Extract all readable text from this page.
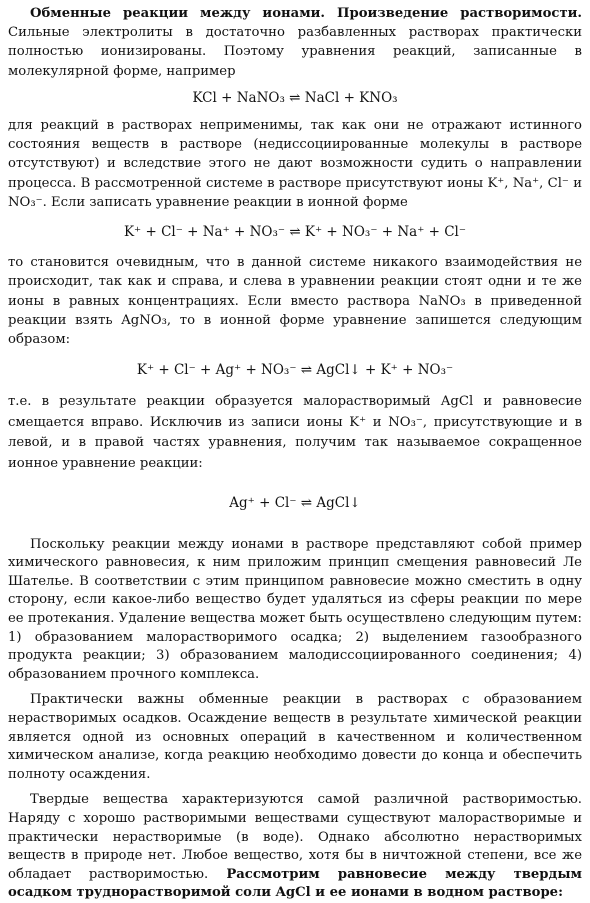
Обменные реакции между ионами. Произведение растворимости. Сильные электролиты в достаточно разбавленных растворах практически полностью ионизированы. Поэтому уравнения реакций, записанные в молекулярной форме, например

KCl + NaNO₃ ⇌ NaCl + KNO₃

для реакций в растворах неприменимы, так как они не отражают истинного состояния веществ в растворе (недиссоциированные молекулы в растворе отсутствуют) и вследствие этого не дают возможности судить о направлении процесса. В рассмотренной системе в растворе присутствуют ионы K⁺, Na⁺, Cl⁻ и NO₃⁻. Если записать уравнение реакции в ионной форме

K⁺ + Cl⁻ + Na⁺ + NO₃⁻ ⇌ K⁺ + NO₃⁻ + Na⁺ + Cl⁻

то становится очевидным, что в данной системе никакого взаимодействия не происходит, так как и справа, и слева в уравнении реакции стоят одни и те же ионы в равных концентрациях. Если вместо раствора NaNO₃ в приведенной реакции взять AgNO₃, то в ионной форме уравнение запишется следующим образом:

K⁺ + Cl⁻ + Ag⁺ + NO₃⁻ ⇌ AgCl↓ + K⁺ + NO₃⁻

т.е. в результате реакции образуется малорастворимый AgCl и равновесие смещается вправо. Исключив из записи ионы K⁺ и NO₃⁻, присутствующие и в левой, и в правой частях уравнения, получим так называемое сокращенное ионное уравнение реакции:

Ag⁺ + Cl⁻ ⇌ AgCl↓

Поскольку реакции между ионами в растворе представляют собой пример химического равновесия, к ним приложим принцип смещения равновесий Ле Шателье. В соответствии с этим принципом равновесие можно сместить в одну сторону, если какое-либо вещество будет удаляться из сферы реакции по мере ее протекания. Удаление вещества может быть осуществлено следующим путем: 1) образованием малорастворимого осадка; 2) выделением газообразного продукта реакции; 3) образованием малодиссоциированного соединения; 4) образованием прочного комплекса.

Практически важны обменные реакции в растворах с образованием нерастворимых осадков. Осаждение веществ в результате химической реакции является одной из основных операций в качественном и количественном химическом анализе, когда реакцию необходимо довести до конца и обеспечить полноту осаждения.

Твердые вещества характеризуются самой различной растворимостью. Наряду с хорошо растворимыми веществами существуют малорастворимые и практически нерастворимые (в воде). Однако абсолютно нерастворимых веществ в природе нет. Любое вещество, хотя бы в ничтожной степени, все же обладает растворимостью. Рассмотрим равновесие между твердым осадком труднорастворимой соли AgCl и ее ионами в водном растворе:
